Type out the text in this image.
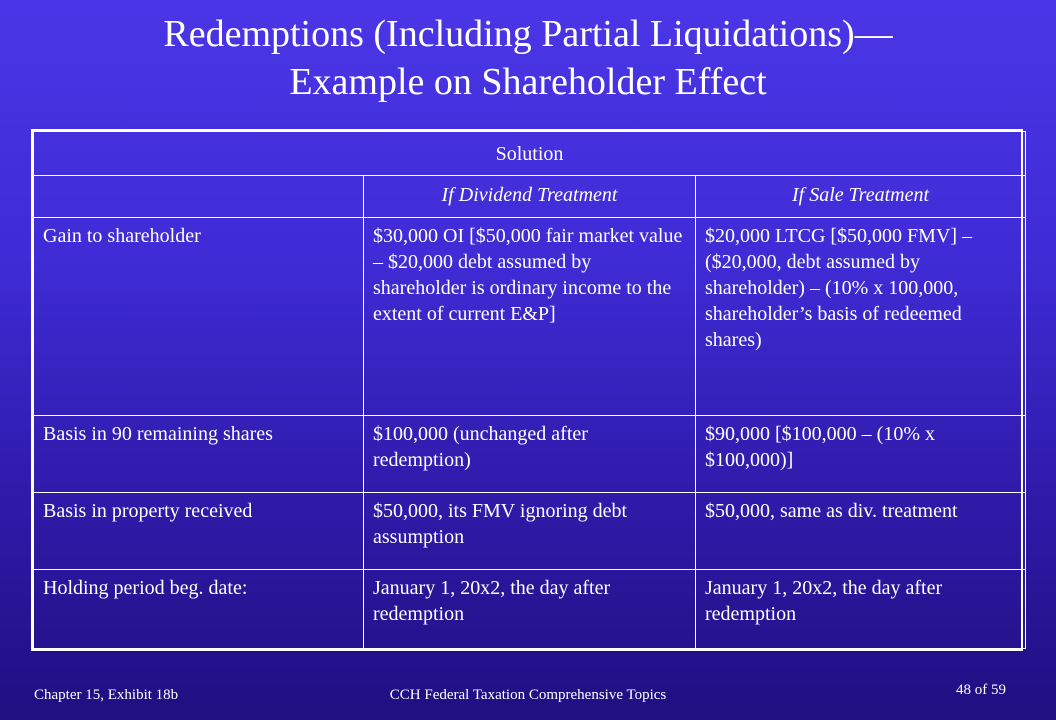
Redemptions (Including Partial Liquidations)—
Example on Shareholder Effect
Solution		
	If Dividend Treatment	If Sale Treatment
Gain to shareholder	$30,000 OI [$50,000 fair market value – $20,000 debt assumed by shareholder is ordinary income to the extent of current E&P]	$20,000 LTCG [$50,000 FMV] – ($20,000, debt assumed by shareholder) – (10% x 100,000, shareholder’s basis of redeemed shares)
Basis in 90 remaining shares	$100,000 (unchanged after redemption)	$90,000 [$100,000 – (10% x $100,000)]
Basis in property received	$50,000, its FMV ignoring debt assumption	$50,000, same as div. treatment
Holding period beg. date:	January 1, 20x2, the day after redemption	January 1, 20x2, the day after redemption
Chapter 15, Exhibit 18b	CCH Federal Taxation Comprehensive Topics	48 of 59
